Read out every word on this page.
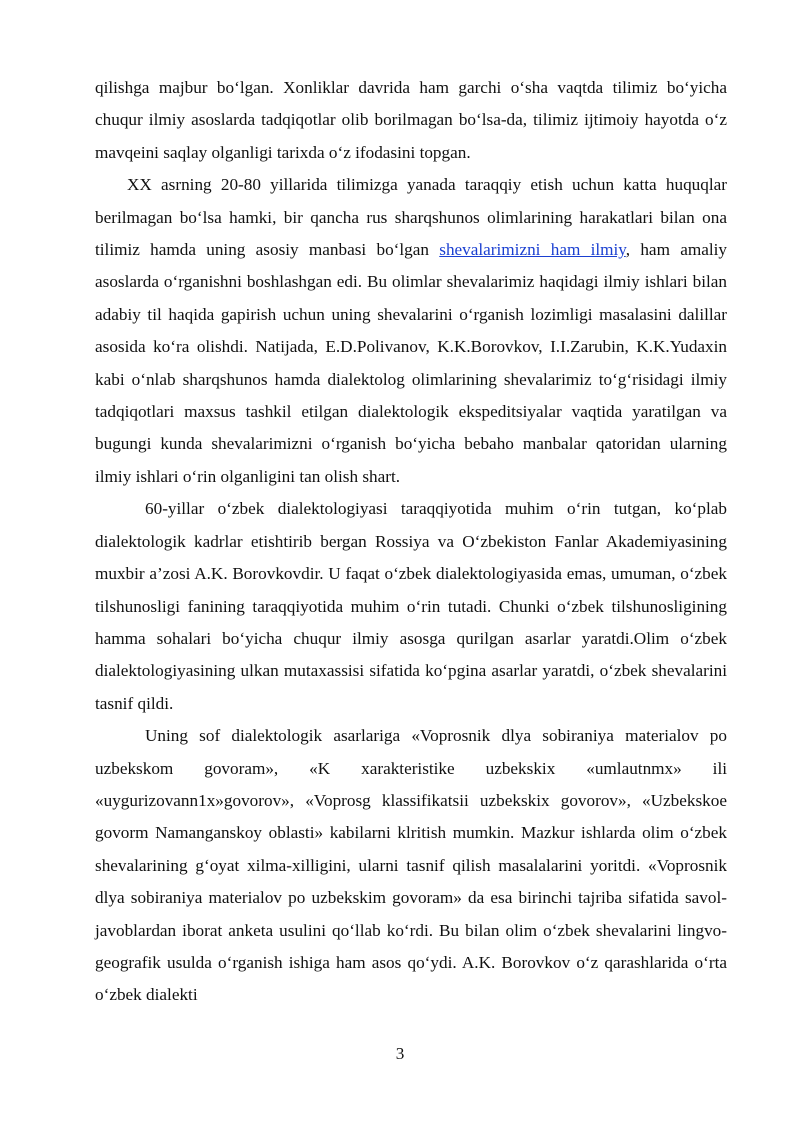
qilishga majbur bo‘lgan. Xonliklar davrida ham garchi o‘sha vaqtda tilimiz bo‘yicha chuqur ilmiy asoslarda tadqiqotlar olib borilmagan bo‘lsa-da, tilimiz ijtimoiy hayotda o‘z mavqeini saqlay olganligi tarixda o‘z ifodasini topgan.

XX asrning 20-80 yillarida tilimizga yanada taraqqiy etish uchun katta huquqlar berilmagan bo‘lsa hamki, bir qancha rus sharqshunos olimlarining harakatlari bilan ona tilimiz hamda uning asosiy manbasi bo‘lgan shevalarimizni ham ilmiy, ham amaliy asoslarda o‘rganishni boshlashgan edi. Bu olimlar shevalarimiz haqidagi ilmiy ishlari bilan adabiy til haqida gapirish uchun uning shevalarini o‘rganish lozimligi masalasini dalillar asosida ko‘ra olishdi. Natijada, E.D.Polivanov, K.K.Borovkov, I.I.Zarubin, K.K.Yudaxin kabi o‘nlab sharqshunos hamda dialektolog olimlarining shevalarimiz to‘g‘risidagi ilmiy tadqiqotlari maxsus tashkil etilgan dialektologik ekspeditsiyalar vaqtida yaratilgan va bugungi kunda shevalarimizni o‘rganish bo‘yicha bebaho manbalar qatoridan ularning ilmiy ishlari o‘rin olganligini tan olish shart.

60-yillar o‘zbek dialektologiyasi taraqqiyotida muhim o‘rin tutgan, ko‘plab dialektologik kadrlar etishtirib bergan Rossiya va O‘zbekiston Fanlar Akademiyasining muxbir a’zosi A.K. Borovkovdir. U faqat o‘zbek dialektologiyasida emas, umuman, o‘zbek tilshunosligi fanining taraqqiyotida muhim o‘rin tutadi. Chunki o‘zbek tilshunosligining hamma sohalari bo‘yicha chuqur ilmiy asosga qurilgan asarlar yaratdi.Olim o‘zbek dialektologiyasining ulkan mutaxassisi sifatida ko‘pgina asarlar yaratdi, o‘zbek shevalarini tasnif qildi.

Uning sof dialektologik asarlariga «Voprosnik dlya sobiraniya materialov po uzbekskom govoram», «K xarakteristike uzbekskix «umlautnmx» ili «uygurizovann1x»govorov», «Voprosg klassifikatsii uzbekskix govorov», «Uzbekskoe govorm Namanganskoy oblasti» kabilarni klritish mumkin. Mazkur ishlarda olim o‘zbek shevalarining g‘oyat xilma-xilligini, ularni tasnif qilish masalalarini yoritdi. «Voprosnik dlya sobiraniya materialov po uzbekskim govoram» da esa birinchi tajriba sifatida savol-javoblardan iborat anketa usulini qo‘llab ko‘rdi. Bu bilan olim o‘zbek shevalarini lingvo-geografik usulda o‘rganish ishiga ham asos qo‘ydi. A.K. Borovkov o‘z qarashlarida o‘rta o‘zbek dialekti

3
